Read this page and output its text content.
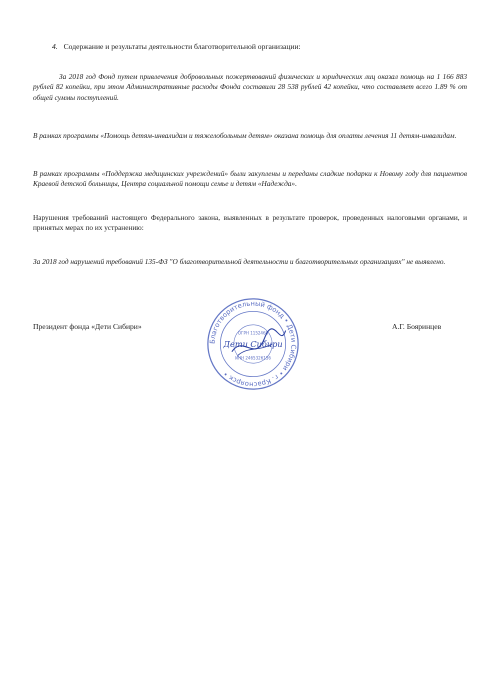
4. Содержание и результаты деятельности благотворительной организации:
За 2018 год Фонд путем привлечения добровольных пожертвований физических и юридических лиц оказал помощь на 1 166 883 рублей 82 копейки, при этом Административные расходы Фонда составили 28 538 рублей 42 копейки, что составляет всего 1.89 % от общей суммы поступлений.
В рамках программы «Помощь детям-инвалидам и тяжелобольным детям» оказана помощь для оплаты лечения 11 детям-инвалидам.
В рамках программы «Поддержка медицинских учреждений» были закуплены и переданы сладкие подарки к Новому году для пациентов Краевой детской больницы, Центра социальной помощи семье и детям «Надежда».
Нарушения требований настоящего Федерального закона, выявленных в результате проверок, проведенных налоговыми органами, и принятых мерах по их устранению:
За 2018 год нарушений требований 135-ФЗ "О благотворительной деятельности и благотворительных организациях" не выявлено.
Президент фонда «Дети Сибири»	А.Г. Бояринцев
Благотворительный фонд • Дети Сибири • г. Красноярск •
ОГРН 1152468
Дети Сибири
ИНН 2465326156
